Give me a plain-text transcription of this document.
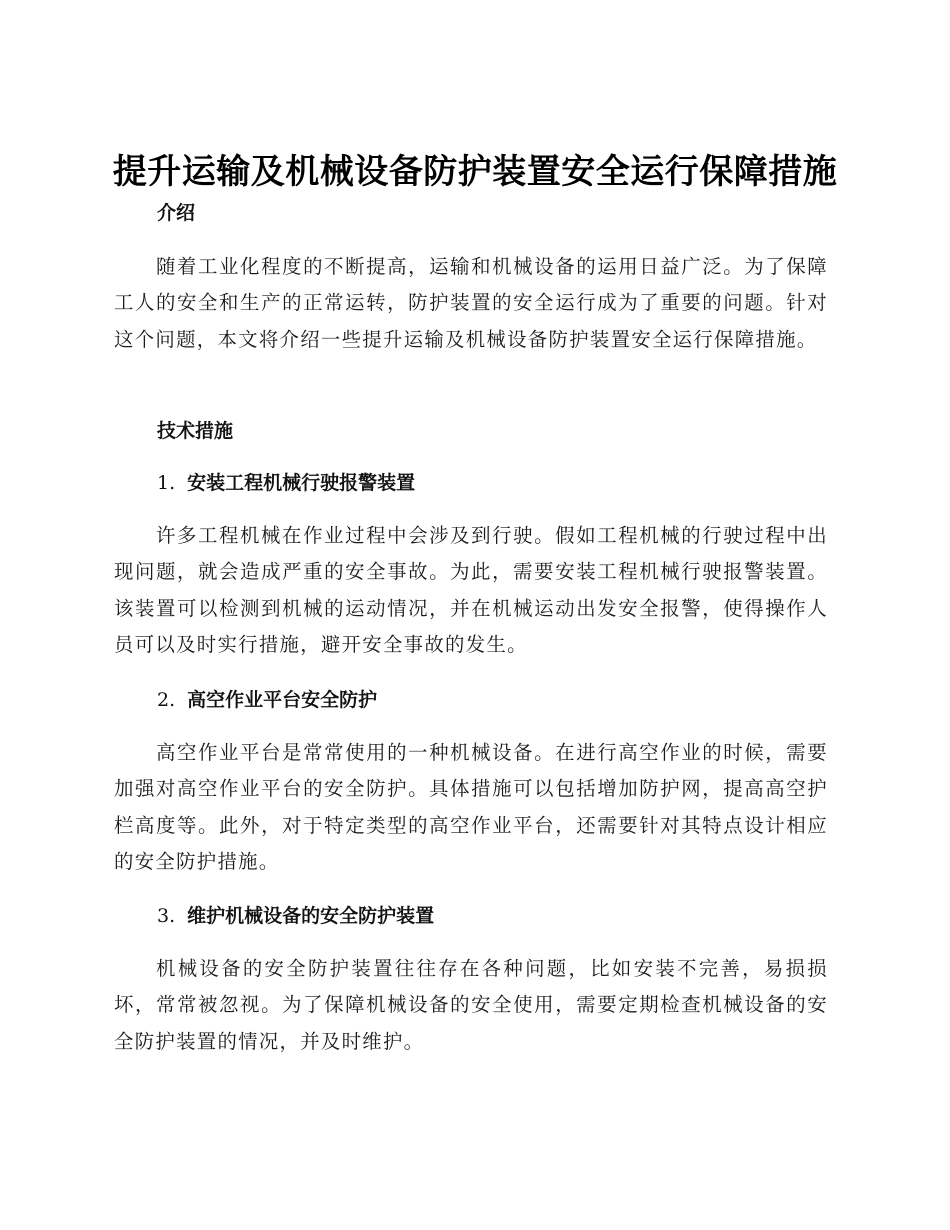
提升运输及机械设备防护装置安全运行保障措施
介绍

随着工业化程度的不断提高，运输和机械设备的运用日益广泛。为了保障工人的安全和生产的正常运转，防护装置的安全运行成为了重要的问题。针对这个问题，本文将介绍一些提升运输及机械设备防护装置安全运行保障措施。

技术措施
1. 安装工程机械行驶报警装置

许多工程机械在作业过程中会涉及到行驶。假如工程机械的行驶过程中出现问题，就会造成严重的安全事故。为此，需要安装工程机械行驶报警装置。该装置可以检测到机械的运动情况，并在机械运动出发安全报警，使得操作人员可以及时实行措施，避开安全事故的发生。

2. 高空作业平台安全防护

高空作业平台是常常使用的一种机械设备。在进行高空作业的时候，需要加强对高空作业平台的安全防护。具体措施可以包括增加防护网，提高高空护栏高度等。此外，对于特定类型的高空作业平台，还需要针对其特点设计相应的安全防护措施。

3. 维护机械设备的安全防护装置

机械设备的安全防护装置往往存在各种问题，比如安装不完善，易损损坏，常常被忽视。为了保障机械设备的安全使用，需要定期检查机械设备的安全防护装置的情况，并及时维护。
